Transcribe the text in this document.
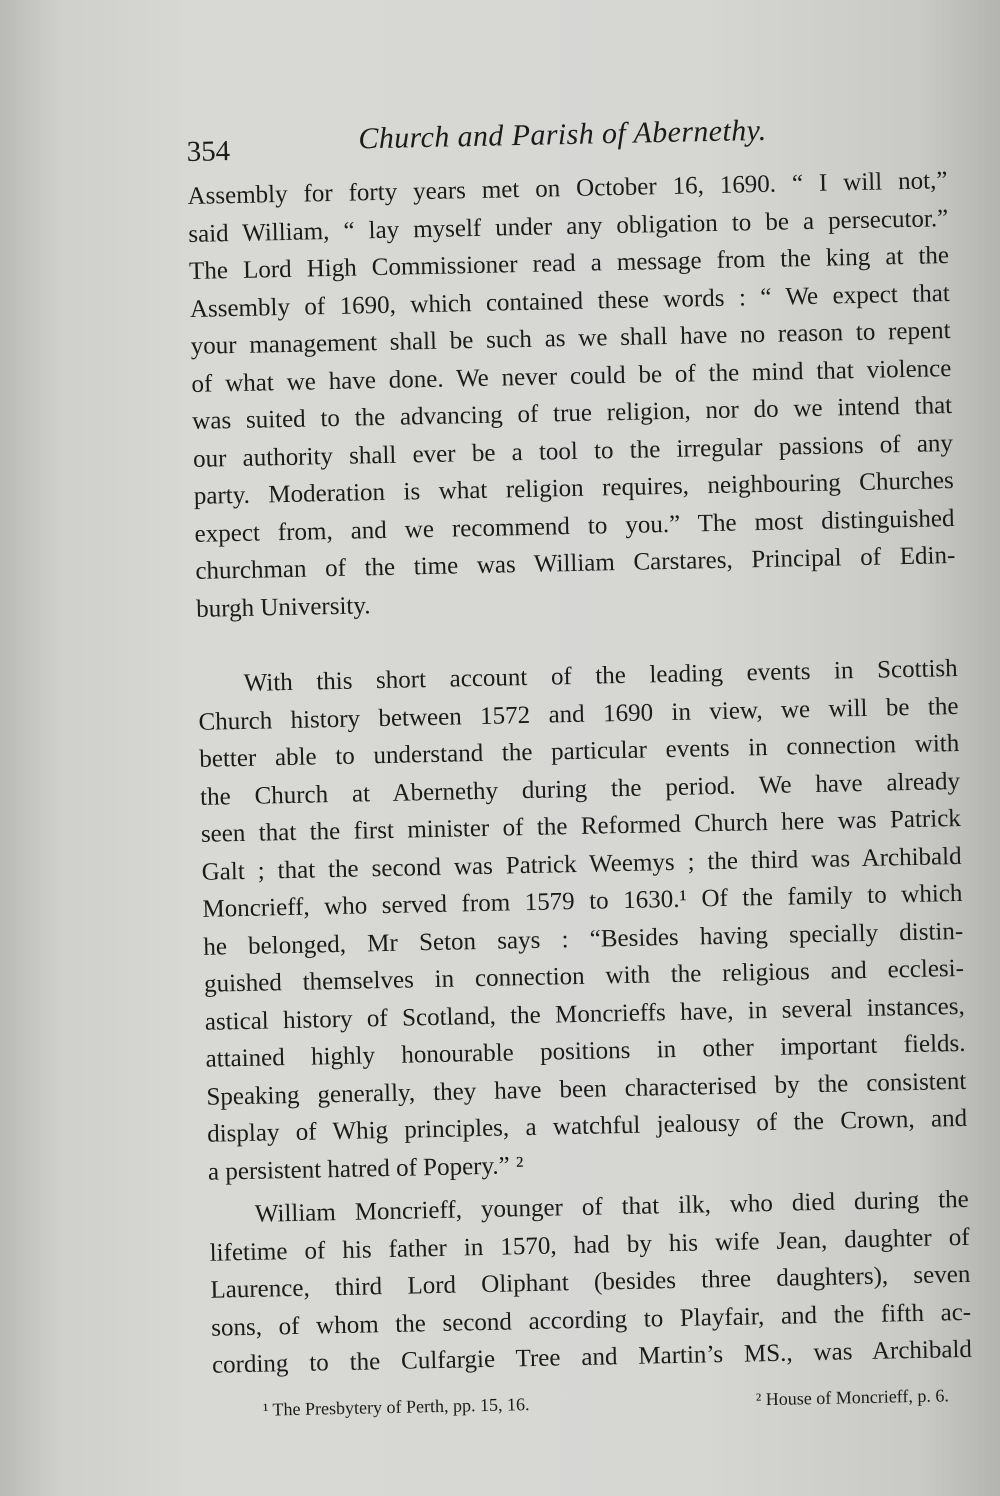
354	Church and Parish of Abernethy.
Assembly for forty years met on October 16, 1690. “ I will not,”
said William, “ lay myself under any obligation to be a persecutor.”
The Lord High Commissioner read a message from the king at the
Assembly of 1690, which contained these words : “ We expect that
your management shall be such as we shall have no reason to repent
of what we have done. We never could be of the mind that violence
was suited to the advancing of true religion, nor do we intend that
our authority shall ever be a tool to the irregular passions of any
party. Moderation is what religion requires, neighbouring Churches
expect from, and we recommend to you.” The most distinguished
churchman of the time was William Carstares, Principal of Edin-
burgh University.
With this short account of the leading events in Scottish
Church history between 1572 and 1690 in view, we will be the
better able to understand the particular events in connection with
the Church at Abernethy during the period. We have already
seen that the first minister of the Reformed Church here was Patrick
Galt ; that the second was Patrick Weemys ; the third was Archibald
Moncrieff, who served from 1579 to 1630.¹ Of the family to which
he belonged, Mr Seton says : “Besides having specially distin-
guished themselves in connection with the religious and ecclesi-
astical history of Scotland, the Moncrieffs have, in several instances,
attained highly honourable positions in other important fields.
Speaking generally, they have been characterised by the consistent
display of Whig principles, a watchful jealousy of the Crown, and
a persistent hatred of Popery.” ²
William Moncrieff, younger of that ilk, who died during the
lifetime of his father in 1570, had by his wife Jean, daughter of
Laurence, third Lord Oliphant (besides three daughters), seven
sons, of whom the second according to Playfair, and the fifth ac-
cording to the Culfargie Tree and Martin’s MS., was Archibald
¹ The Presbytery of Perth, pp. 15, 16.	² House of Moncrieff, p. 6.
